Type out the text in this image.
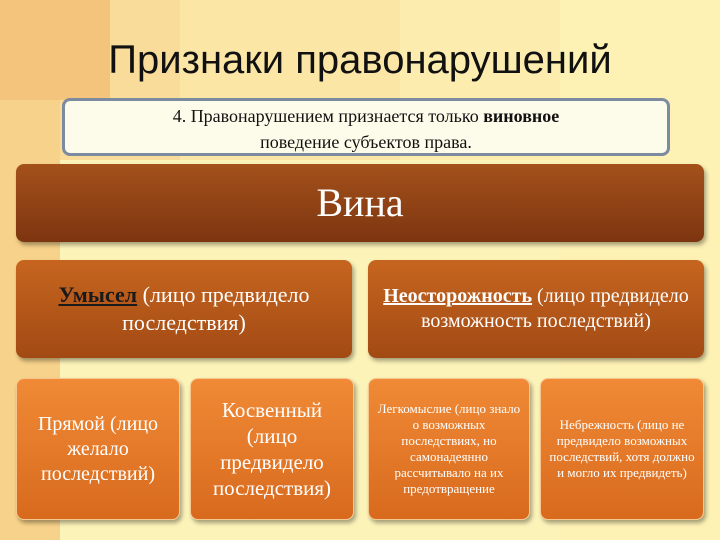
Признаки правонарушений
4. Правонарушением признается только виновное
поведение субъектов права.
Вина
Умысел (лицо предвидело последствия)
Неосторожность (лицо предвидело возможность последствий)
Прямой (лицо желало последствий)
Косвенный (лицо предвидело последствия)
Легкомыслие (лицо знало о возможных последствиях, но самонадеянно рассчитывало на их предотвращение
Небрежность (лицо не предвидело возможных последствий, хотя должно и могло их предвидеть)
